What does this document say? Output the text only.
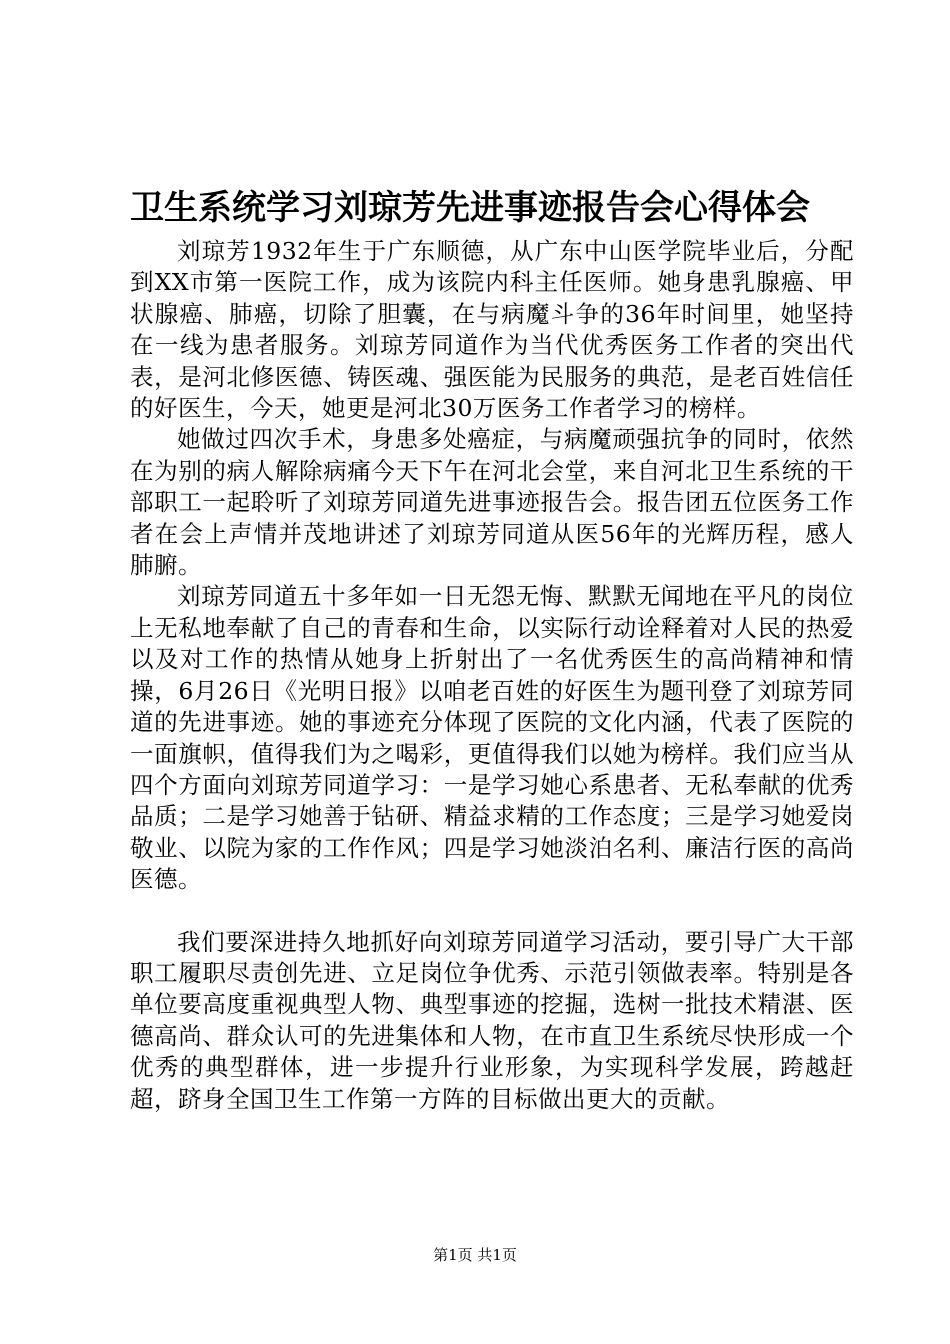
卫生系统学习刘琼芳先进事迹报告会心得体会

刘琼芳1932年生于广东顺德，从广东中山医学院毕业后，分配到XX市第一医院工作，成为该院内科主任医师。她身患乳腺癌、甲状腺癌、肺癌，切除了胆囊，在与病魔斗争的36年时间里，她坚持在一线为患者服务。刘琼芳同道作为当代优秀医务工作者的突出代表，是河北修医德、铸医魂、强医能为民服务的典范，是老百姓信任的好医生，今天，她更是河北30万医务工作者学习的榜样。

她做过四次手术，身患多处癌症，与病魔顽强抗争的同时，依然在为别的病人解除病痛今天下午在河北会堂，来自河北卫生系统的干部职工一起聆听了刘琼芳同道先进事迹报告会。报告团五位医务工作者在会上声情并茂地讲述了刘琼芳同道从医56年的光辉历程，感人肺腑。

刘琼芳同道五十多年如一日无怨无悔、默默无闻地在平凡的岗位上无私地奉献了自己的青春和生命，以实际行动诠释着对人民的热爱以及对工作的热情从她身上折射出了一名优秀医生的高尚精神和情操，6月26日《光明日报》以咱老百姓的好医生为题刊登了刘琼芳同道的先进事迹。她的事迹充分体现了医院的文化内涵，代表了医院的一面旗帜，值得我们为之喝彩，更值得我们以她为榜样。我们应当从四个方面向刘琼芳同道学习：一是学习她心系患者、无私奉献的优秀品质；二是学习她善于钻研、精益求精的工作态度；三是学习她爱岗敬业、以院为家的工作作风；四是学习她淡泊名利、廉洁行医的高尚医德。

我们要深进持久地抓好向刘琼芳同道学习活动，要引导广大干部职工履职尽责创先进、立足岗位争优秀、示范引领做表率。特别是各单位要高度重视典型人物、典型事迹的挖掘，选树一批技术精湛、医德高尚、群众认可的先进集体和人物，在市直卫生系统尽快形成一个优秀的典型群体，进一步提升行业形象，为实现科学发展，跨越赶超，跻身全国卫生工作第一方阵的目标做出更大的贡献。

第1页 共1页
